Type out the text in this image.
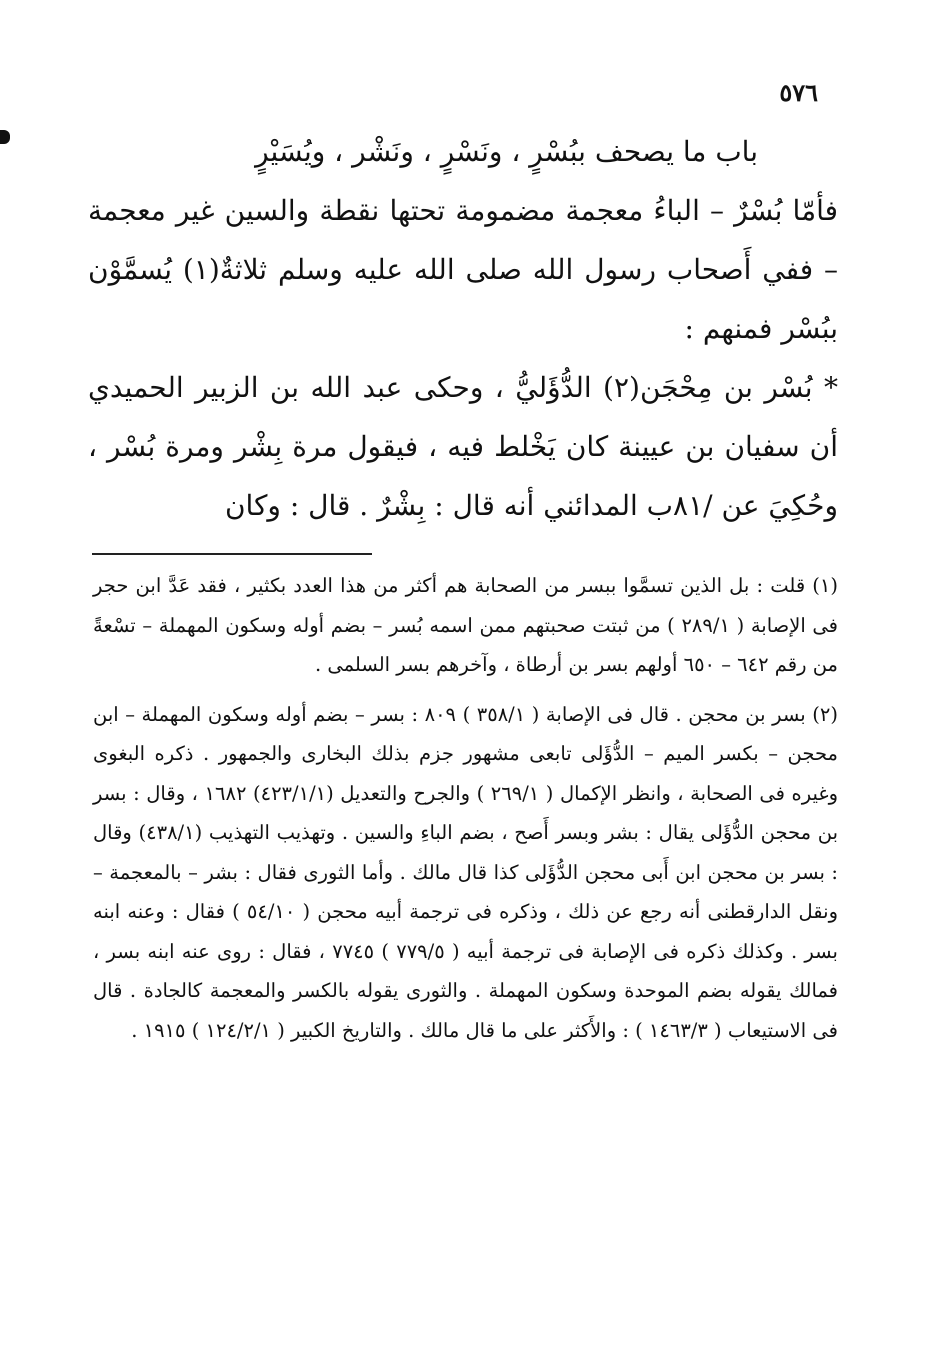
٥٧٦

باب ما يصحف ببُسْرٍ ، ونَسْرٍ ، ونَشْر ، ويُسَيْرٍ

فأمّا بُسْرٌ – الباءُ معجمة مضمومة تحتها نقطة والسين غير معجمة – ففي أَصحاب رسول الله صلى الله عليه وسلم ثلاثةٌ(١) يُسمَّوْن ببُسْر فمنهم :

* بُسْر بن مِحْجَن(٢) الدُّؤَليُّ ، وحكى عبد الله بن الزبير الحميدي أن سفيان بن عيينة كان يَخْلط فيه ، فيقول مرة بِشْر ومرة بُسْر ، وحُكِيَ عن /٨١ب المدائني أنه قال : بِشْرٌ . قال : وكان

(١) قلت : بل الذين تسمَّوا ببسر من الصحابة هم أكثر من هذا العدد بكثير ، فقد عَدَّ ابن حجر فى الإصابة ( ٢٨٩/١ ) من ثبتت صحبتهم ممن اسمه بُسر – بضم أوله وسكون المهملة – تسْعةً من رقم ٦٤٢ – ٦٥٠ أولهم بسر بن أرطاة ، وآخرهم بسر السلمى .

(٢) بسر بن محجن . قال فى الإصابة ( ٣٥٨/١ ) ٨٠٩ : بسر – بضم أوله وسكون المهملة – ابن محجن – بكسر الميم – الدُّؤَلى تابعى مشهور جزم بذلك البخارى والجمهور . ذكره البغوى وغيره فى الصحابة ، وانظر الإكمال ( ٢٦٩/١ ) والجرح والتعديل (٤٢٣/١/١) ١٦٨٢ ، وقال : بسر بن محجن الدُّؤَلى يقال : بشر وبسر أَصح ، بضم الباءِ والسين . وتهذيب التهذيب (٤٣٨/١) وقال : بسر بن محجن ابن أَبى محجن الدُّؤَلى كذا قال مالك . وأما الثورى فقال : بشر – بالمعجمة – ونقل الدارقطنى أنه رجع عن ذلك ، وذكره فى ترجمة أبيه محجن ( ٥٤/١٠ ) فقال : وعنه ابنه بسر . وكذلك ذكره فى الإصابة فى ترجمة أبيه ( ٧٧٩/٥ ) ٧٧٤٥ ، فقال : روى عنه ابنه بسر ، فمالك يقوله بضم الموحدة وسكون المهملة . والثورى يقوله بالكسر والمعجمة كالجادة . قال فى الاستيعاب ( ١٤٦٣/٣ ) : والأَكثر على ما قال مالك . والتاريخ الكبير ( ١٢٤/٢/١ ) ١٩١٥ .
